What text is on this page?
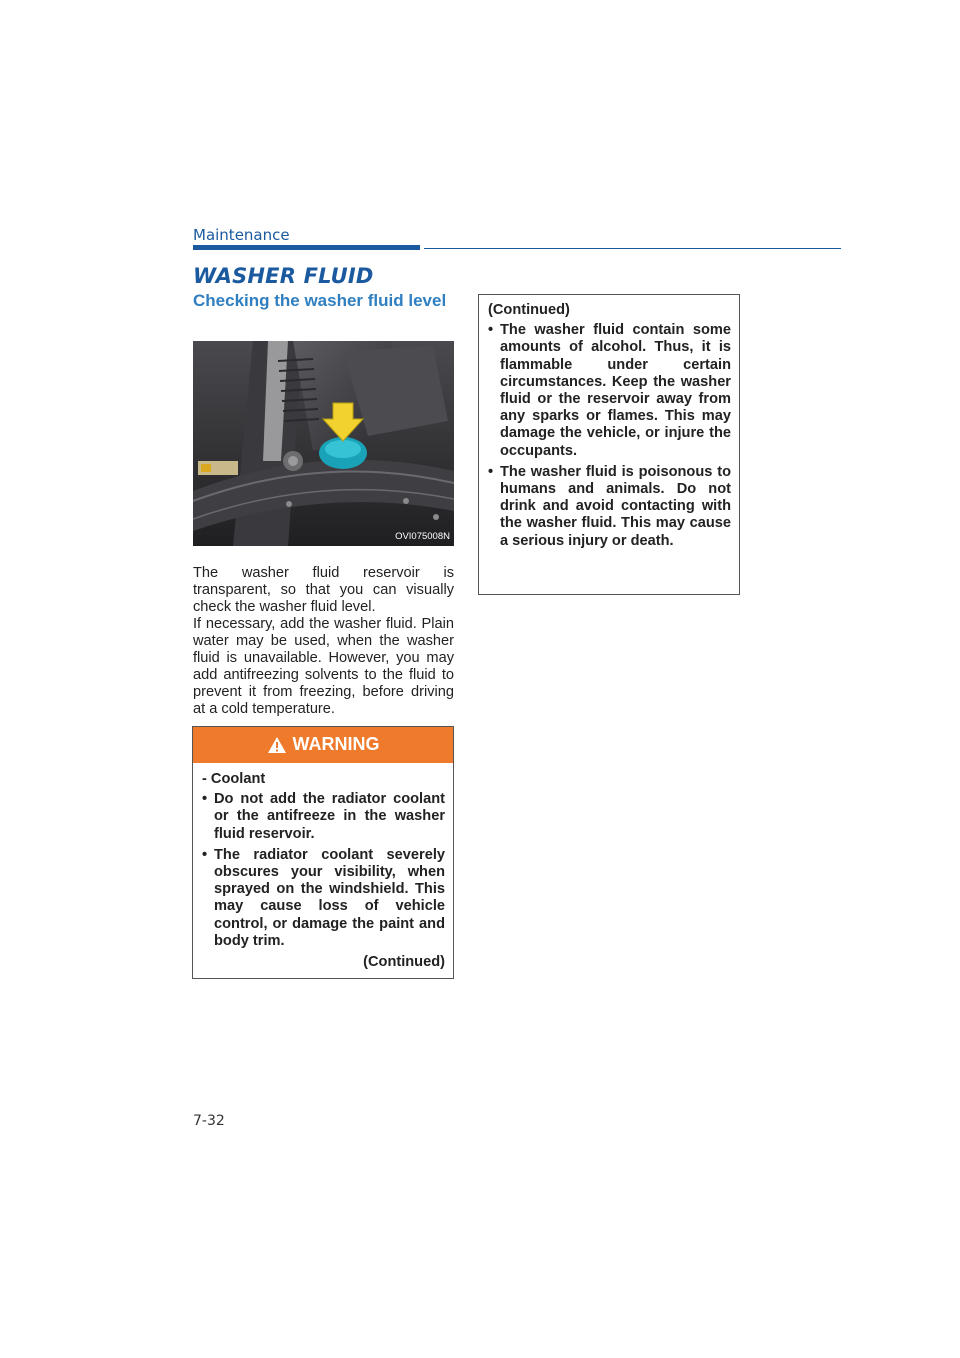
Maintenance
WASHER FLUID
Checking the washer fluid level
OVI075008N

The washer fluid reservoir is transparent, so that you can visually check the washer fluid level.

If necessary, add the washer fluid. Plain water may be used, when the washer fluid is unavailable. However, you may add antifreezing solvents to the fluid to prevent it from freezing, before driving at a cold temperature.

WARNING

- Coolant

• Do not add the radiator coolant or the antifreeze in the washer fluid reservoir.

• The radiator coolant severely obscures your visibility, when sprayed on the windshield. This may cause loss of vehicle control, or damage the paint and body trim.

(Continued)

(Continued)

• The washer fluid contain some amounts of alcohol. Thus, it is flammable under certain circumstances. Keep the washer fluid or the reservoir away from any sparks or flames. This may damage the vehicle, or injure the occupants.

• The washer fluid is poisonous to humans and animals. Do not drink and avoid contacting with the washer fluid. This may cause a serious injury or death.

7-32
